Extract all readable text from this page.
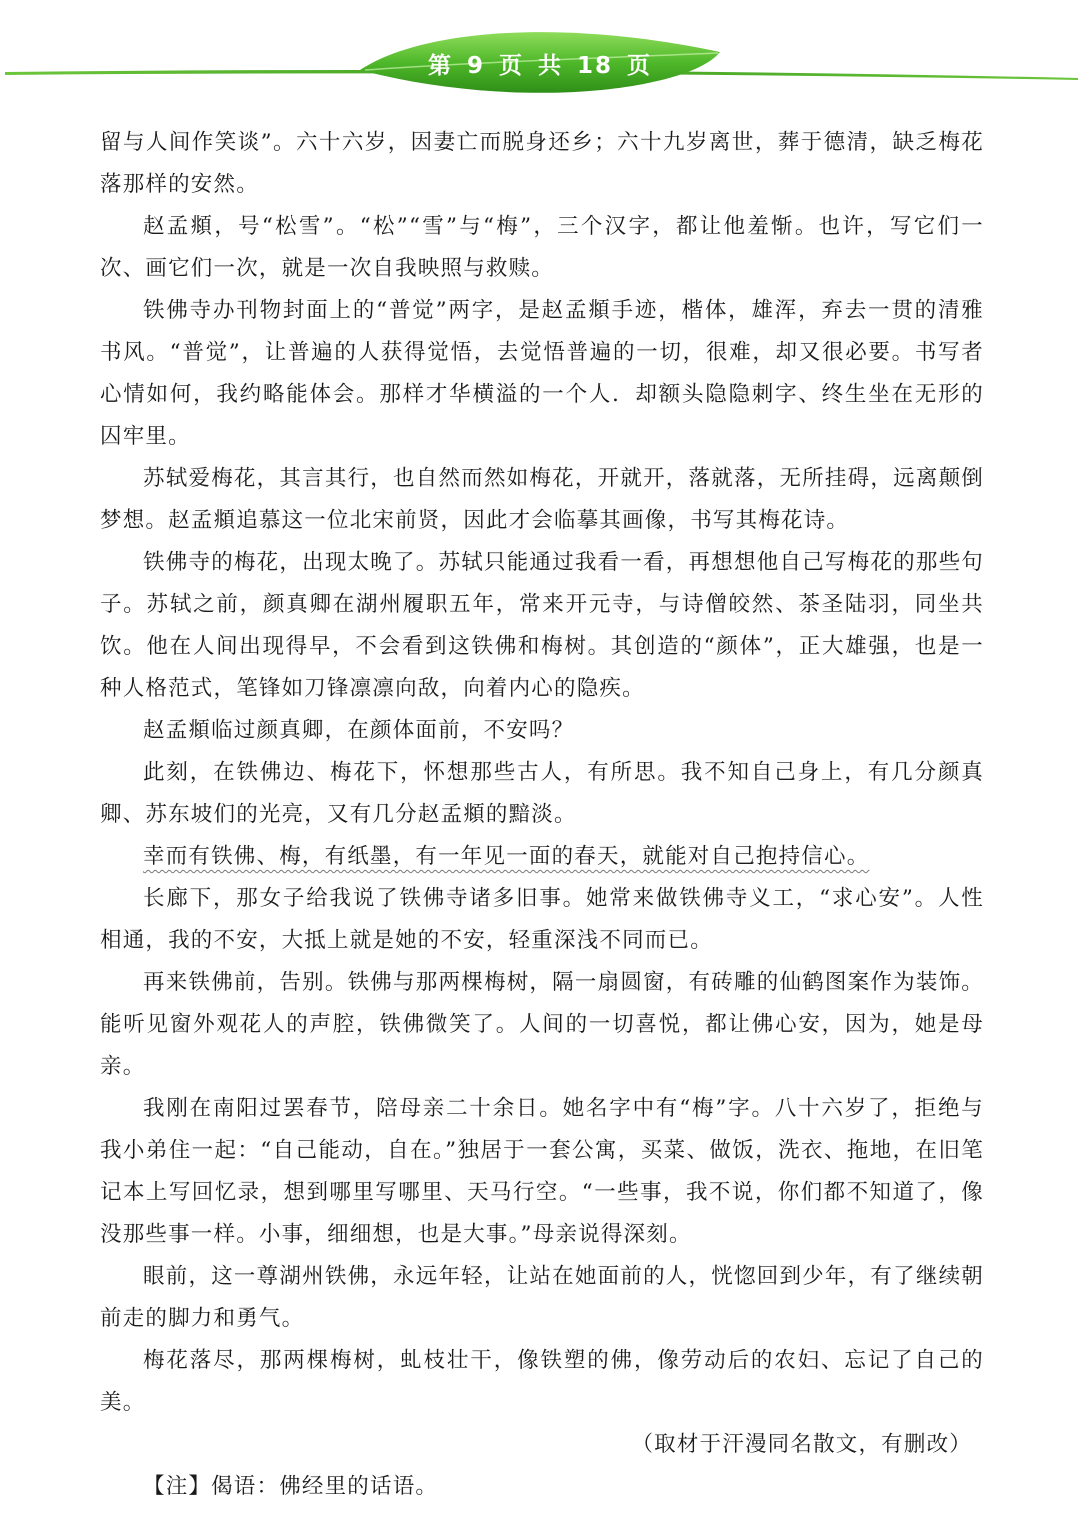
第 9 页 共 18 页

留与人间作笑谈”。六十六岁，因妻亡而脱身还乡；六十九岁离世，葬于德清，缺乏梅花落那样的安然。

赵孟頫，号“松雪”。“松”“雪”与“梅”，三个汉字，都让他羞惭。也许，写它们一次、画它们一次，就是一次自我映照与救赎。

铁佛寺办刊物封面上的“普觉”两字，是赵孟頫手迹，楷体，雄浑，弃去一贯的清雅书风。“普觉”，让普遍的人获得觉悟，去觉悟普遍的一切，很难，却又很必要。书写者心情如何，我约略能体会。那样才华横溢的一个人．却额头隐隐刺字、终生坐在无形的囚牢里。

苏轼爱梅花，其言其行，也自然而然如梅花，开就开，落就落，无所挂碍，远离颠倒梦想。赵孟頫追慕这一位北宋前贤，因此才会临摹其画像，书写其梅花诗。

铁佛寺的梅花，出现太晚了。苏轼只能通过我看一看，再想想他自己写梅花的那些句子。苏轼之前，颜真卿在湖州履职五年，常来开元寺，与诗僧皎然、茶圣陆羽，同坐共饮。他在人间出现得早，不会看到这铁佛和梅树。其创造的“颜体”，正大雄强，也是一种人格范式，笔锋如刀锋凛凛向敌，向着内心的隐疾。

赵孟頫临过颜真卿，在颜体面前，不安吗？

此刻，在铁佛边、梅花下，怀想那些古人，有所思。我不知自己身上，有几分颜真卿、苏东坡们的光亮，又有几分赵孟頫的黯淡。

幸而有铁佛、梅，有纸墨，有一年见一面的春天，就能对自己抱持信心。

长廊下，那女子给我说了铁佛寺诸多旧事。她常来做铁佛寺义工，“求心安”。人性相通，我的不安，大抵上就是她的不安，轻重深浅不同而已。

再来铁佛前，告别。铁佛与那两棵梅树，隔一扇圆窗，有砖雕的仙鹤图案作为装饰。能听见窗外观花人的声腔，铁佛微笑了。人间的一切喜悦，都让佛心安，因为，她是母亲。

我刚在南阳过罢春节，陪母亲二十余日。她名字中有“梅”字。八十六岁了，拒绝与我小弟住一起：“自己能动，自在。”独居于一套公寓，买菜、做饭，洗衣、拖地，在旧笔记本上写回忆录，想到哪里写哪里、天马行空。“一些事，我不说，你们都不知道了，像没那些事一样。小事，细细想，也是大事。”母亲说得深刻。

眼前，这一尊湖州铁佛，永远年轻，让站在她面前的人，恍惚回到少年，有了继续朝前走的脚力和勇气。

梅花落尽，那两棵梅树，虬枝壮干，像铁塑的佛，像劳动后的农妇、忘记了自己的美。

（取材于汗漫同名散文，有删改）

【注】偈语：佛经里的话语。
